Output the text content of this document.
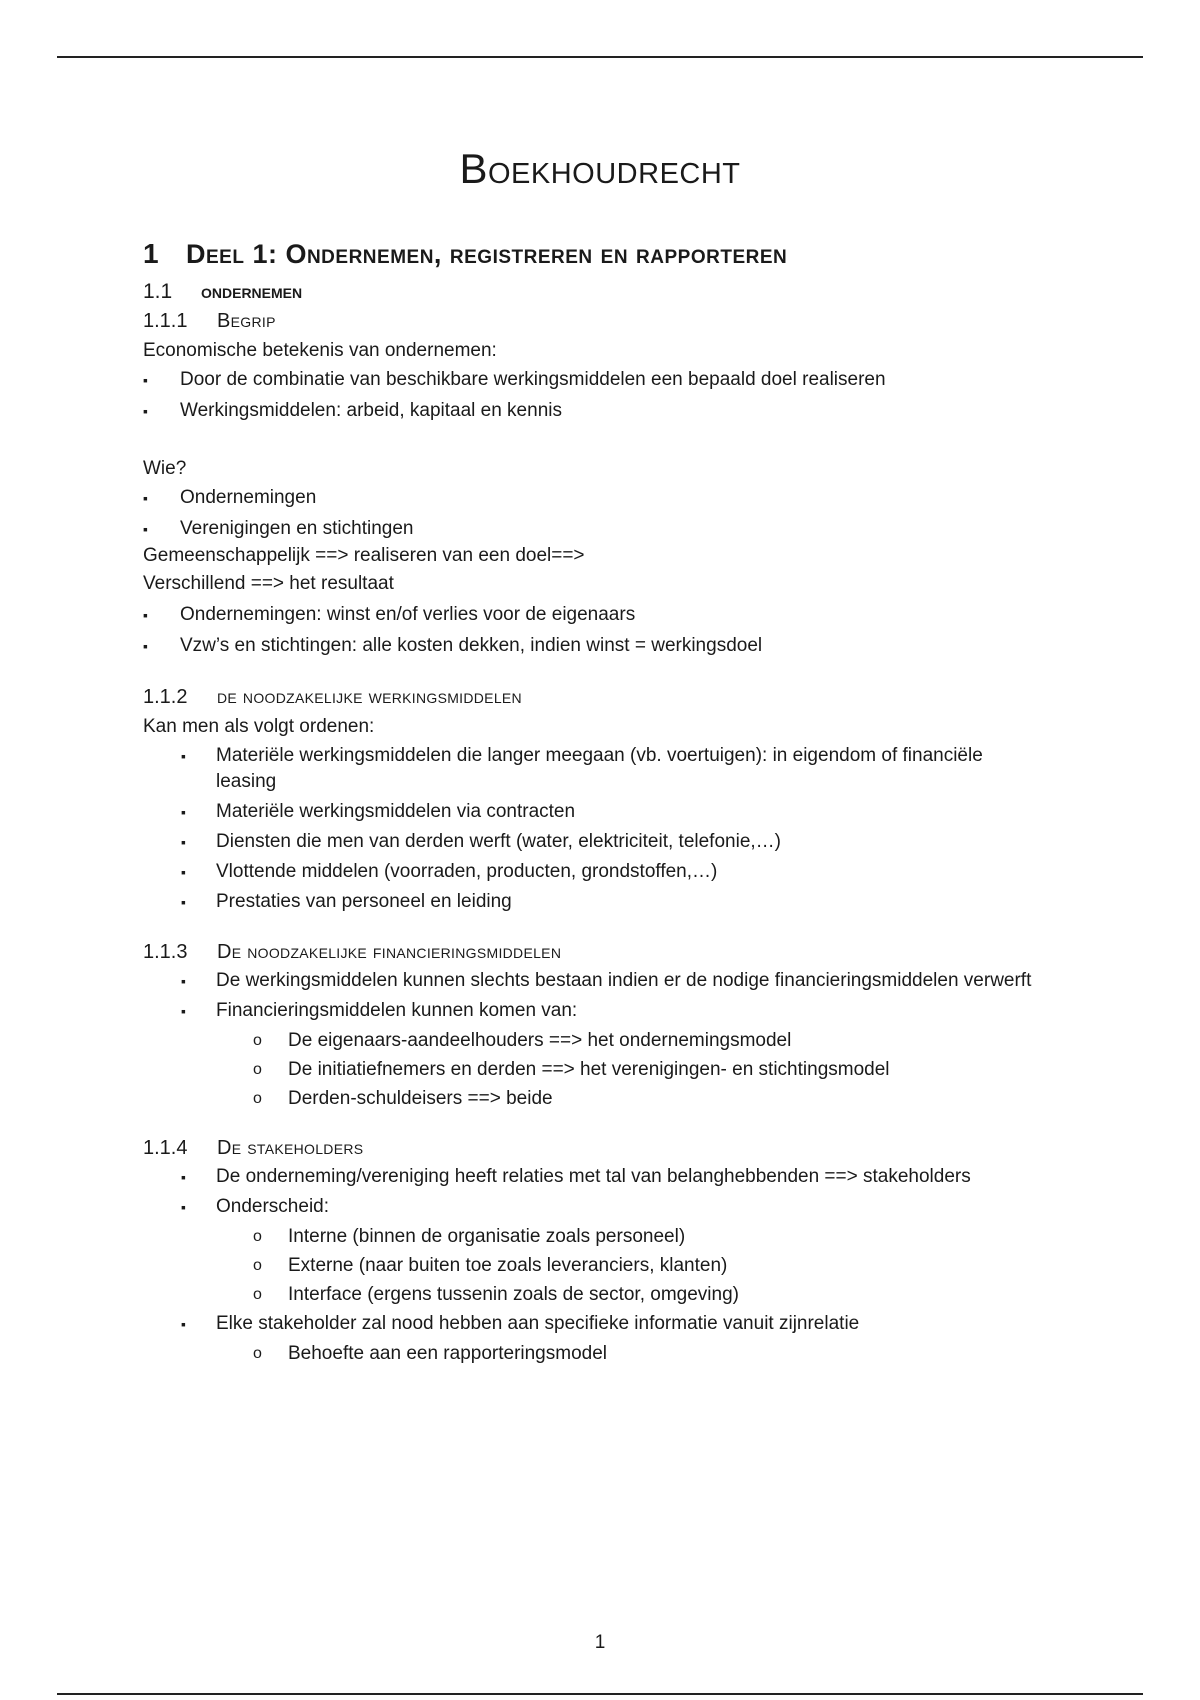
Boekhoudrecht
1	Deel 1: Ondernemen, registreren en rapporteren
1.1	ondernemen
1.1.1	Begrip

Economische betekenis van ondernemen:

▪ Door de combinatie van beschikbare werkingsmiddelen een bepaald doel realiseren
▪ Werkingsmiddelen: arbeid, kapitaal en kennis

Wie?

▪ Ondernemingen
▪ Verenigingen en stichtingen

Gemeenschappelijk ==> realiseren van een doel==>

Verschillend ==> het resultaat

▪ Ondernemingen: winst en/of verlies voor de eigenaars
▪ Vzw’s en stichtingen: alle kosten dekken, indien winst = werkingsdoel
1.1.2	de noodzakelijke werkingsmiddelen

Kan men als volgt ordenen:

▪ Materiële werkingsmiddelen die langer meegaan (vb. voertuigen): in eigendom of financiële leasing
▪ Materiële werkingsmiddelen via contracten
▪ Diensten die men van derden werft (water, elektriciteit, telefonie,…)
▪ Vlottende middelen (voorraden, producten, grondstoffen,…)
▪ Prestaties van personeel en leiding
1.1.3	De noodzakelijke financieringsmiddelen
▪ De werkingsmiddelen kunnen slechts bestaan indien er de nodige financieringsmiddelen verwerft
▪ Financieringsmiddelen kunnen komen van:
o De eigenaars-aandeelhouders ==> het ondernemingsmodel
o De initiatiefnemers en derden ==> het verenigingen- en stichtingsmodel
o Derden-schuldeisers ==> beide
1.1.4	De stakeholders
▪ De onderneming/vereniging heeft relaties met tal van belanghebbenden ==> stakeholders
▪ Onderscheid:
o Interne (binnen de organisatie zoals personeel)
o Externe (naar buiten toe zoals leveranciers, klanten)
o Interface (ergens tussenin zoals de sector, omgeving)
▪ Elke stakeholder zal nood hebben aan specifieke informatie vanuit zijnrelatie
o Behoefte aan een rapporteringsmodel
1
